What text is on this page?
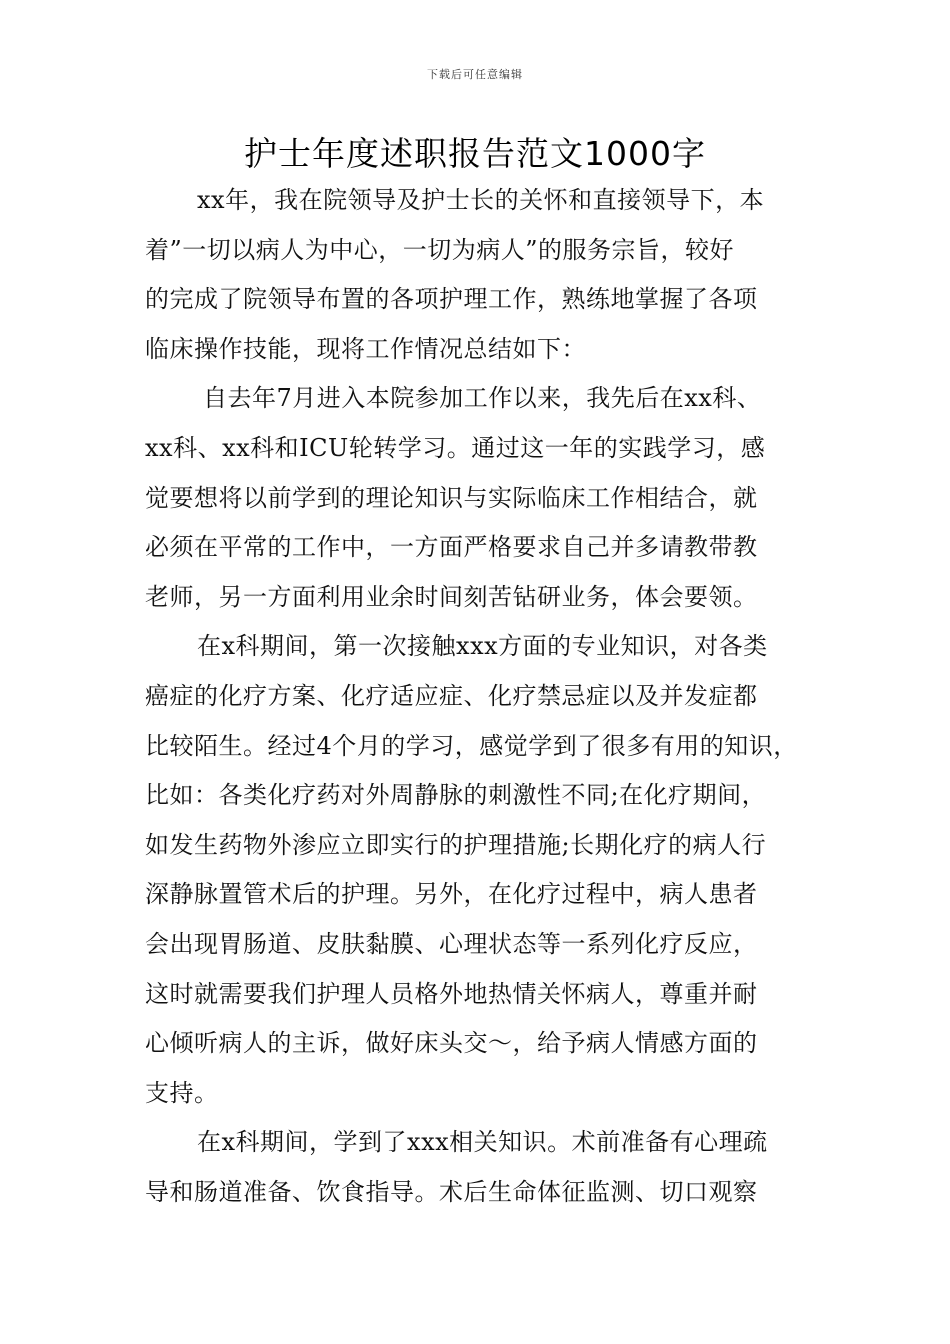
下载后可任意编辑
护士年度述职报告范文1000字
xx年，我在院领导及护士长的关怀和直接领导下，本
着”一切以病人为中心，一切为病人”的服务宗旨，较好
的完成了院领导布置的各项护理工作，熟练地掌握了各项
临床操作技能，现将工作情况总结如下：
自去年7月进入本院参加工作以来，我先后在xx科、
xx科、xx科和ICU轮转学习。通过这一年的实践学习，感
觉要想将以前学到的理论知识与实际临床工作相结合，就
必须在平常的工作中，一方面严格要求自己并多请教带教
老师，另一方面利用业余时间刻苦钻研业务，体会要领。
在x科期间，第一次接触xxx方面的专业知识，对各类
癌症的化疗方案、化疗适应症、化疗禁忌症以及并发症都
比较陌生。经过4个月的学习，感觉学到了很多有用的知识，
比如：各类化疗药对外周静脉的刺激性不同;在化疗期间，
如发生药物外渗应立即实行的护理措施;长期化疗的病人行
深静脉置管术后的护理。另外，在化疗过程中，病人患者
会出现胃肠道、皮肤黏膜、心理状态等一系列化疗反应，
这时就需要我们护理人员格外地热情关怀病人，尊重并耐
心倾听病人的主诉，做好床头交～，给予病人情感方面的
支持。
在x科期间，学到了xxx相关知识。术前准备有心理疏
导和肠道准备、饮食指导。术后生命体征监测、切口观察
